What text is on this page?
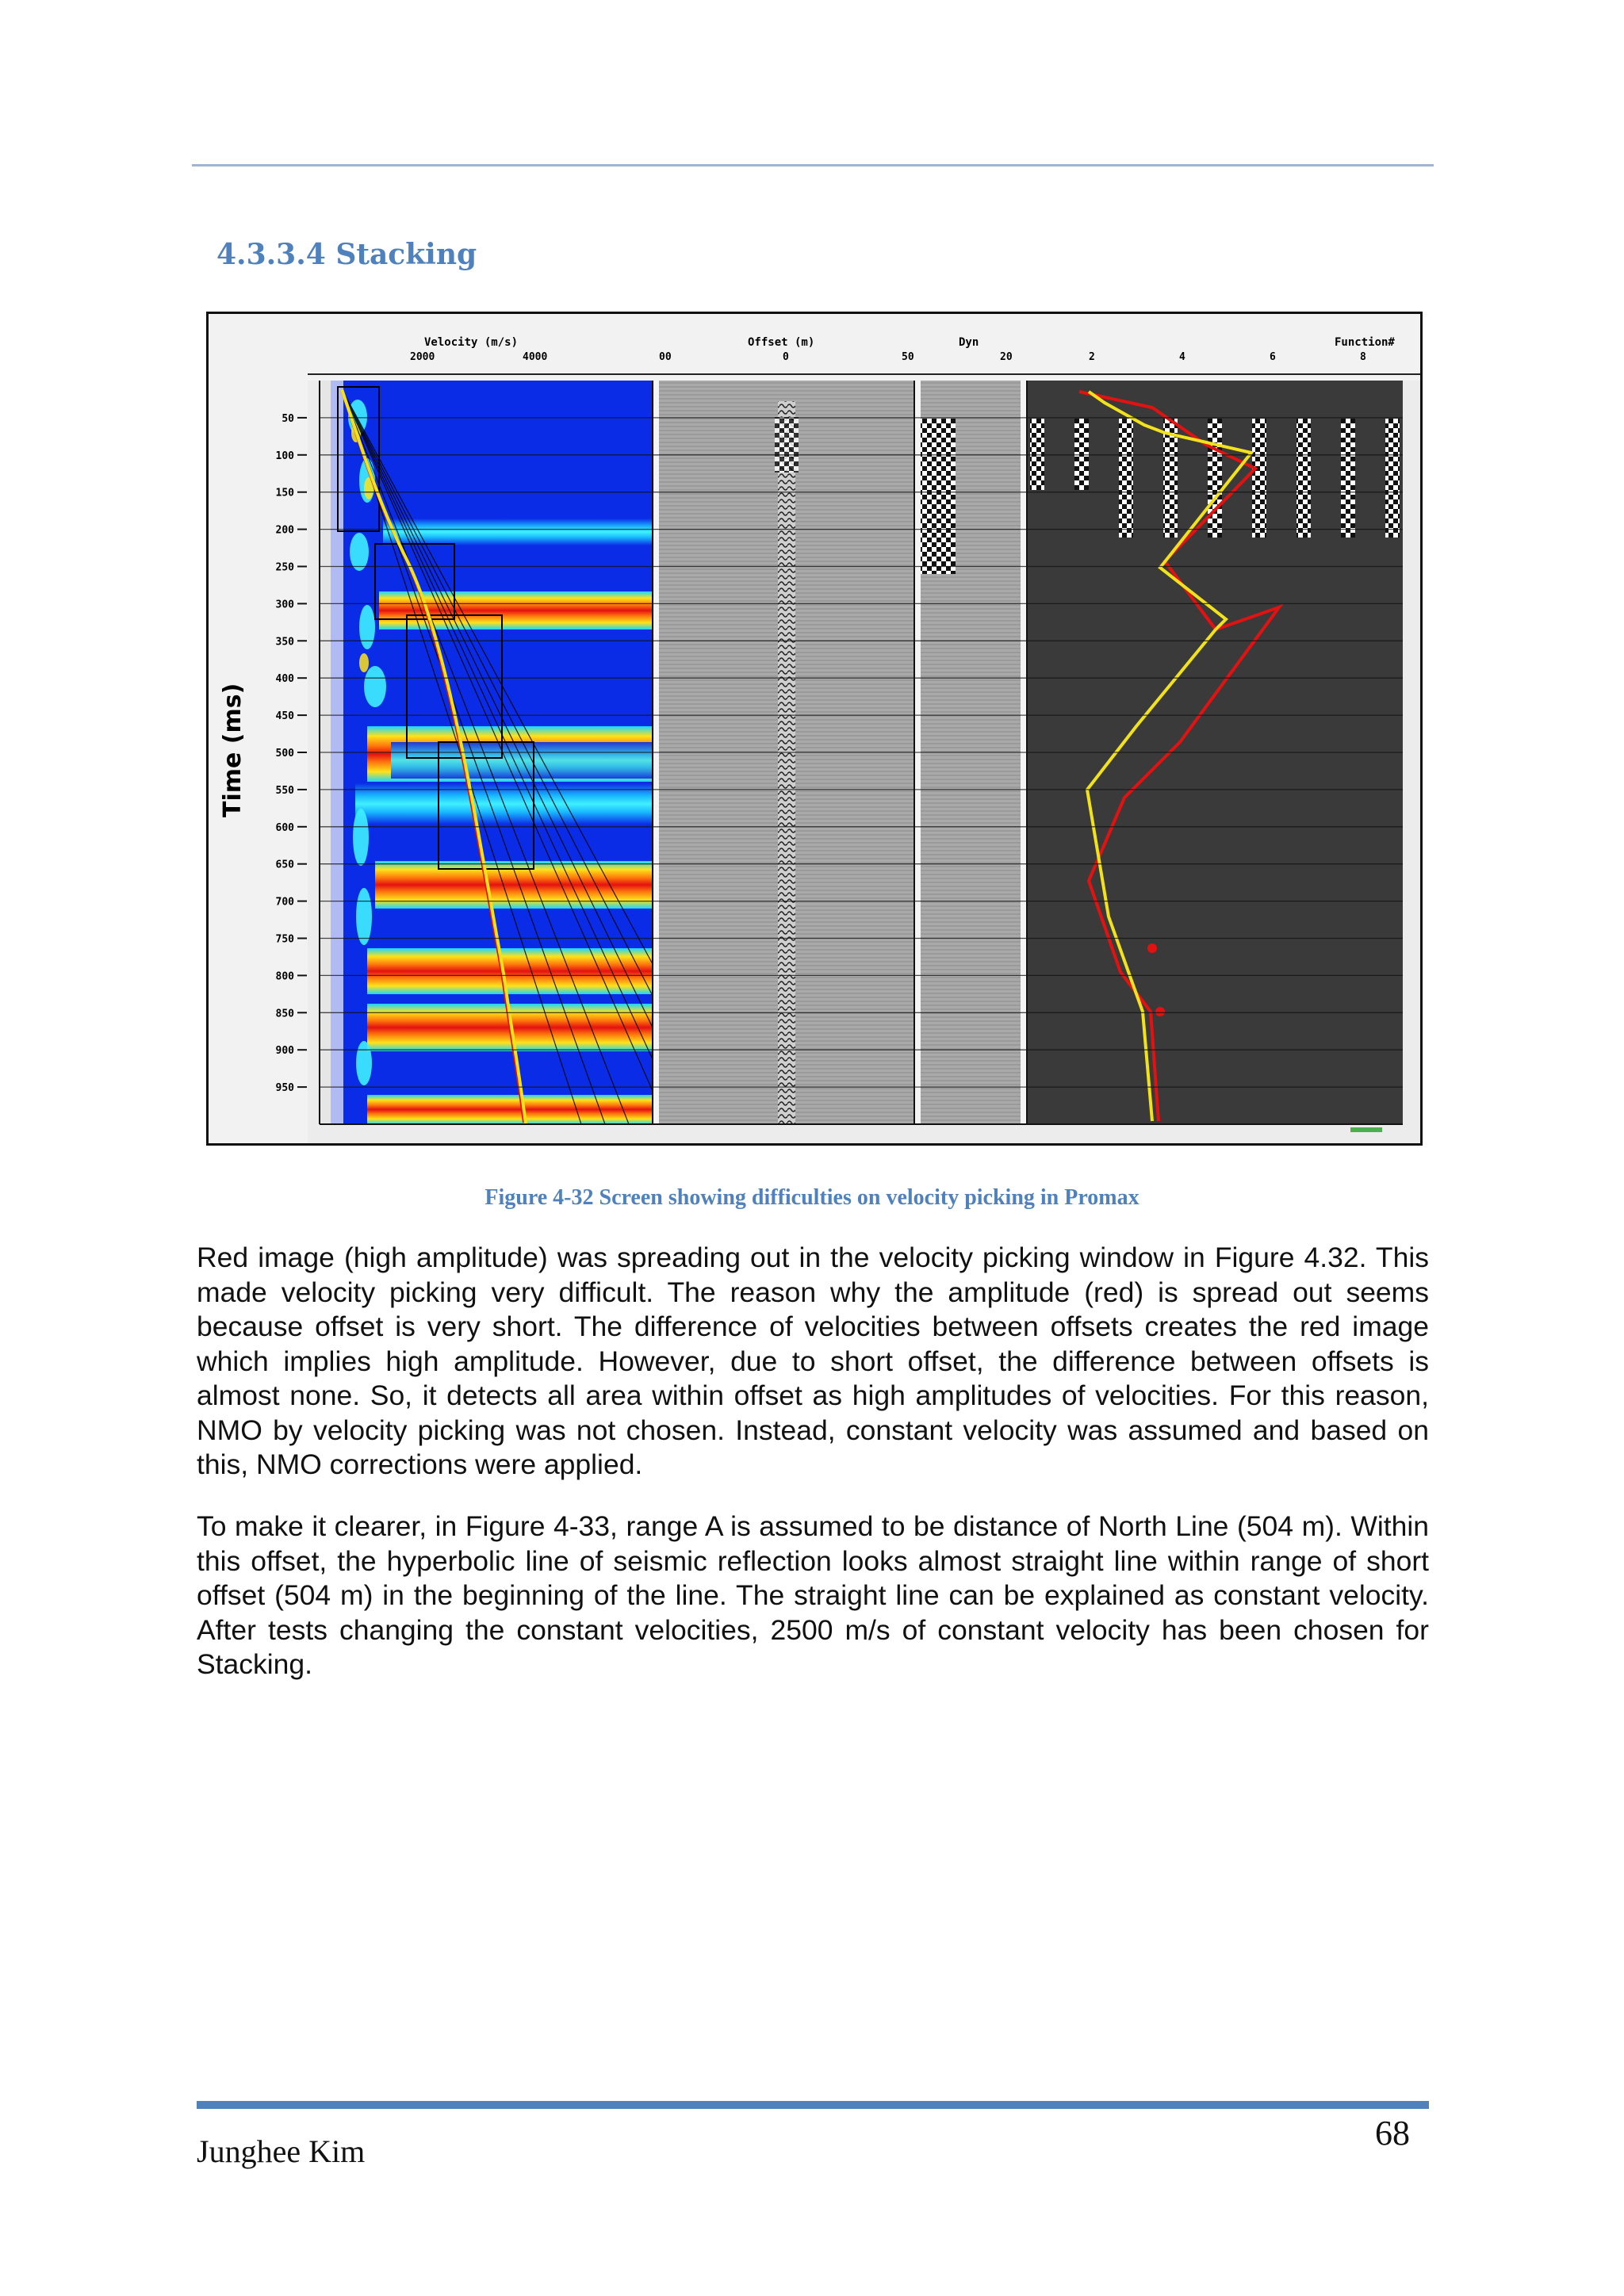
4.3.3.4 Stacking
Velocity (m/s)
2000	4000
Offset (m)
00	0	50
Dyn
20
Function#
2	4	6	8
Time (ms)
50
100
150
200
250
300
350
400
450
500
550
600
650
700
750
800
850
900
950

Figure 4-32 Screen showing difficulties on velocity picking in Promax

Red image (high amplitude) was spreading out in the velocity picking window in Figure 4.32. This made velocity picking very difficult. The reason why the amplitude (red) is spread out seems because offset is very short. The difference of velocities between offsets creates the red image which implies high amplitude. However, due to short offset, the difference between offsets is almost none. So, it detects all area within offset as high amplitudes of velocities. For this reason, NMO by velocity picking was not chosen. Instead, constant velocity was assumed and based on this, NMO corrections were applied.

To make it clearer, in Figure 4-33, range A is assumed to be distance of North Line (504 m). Within this offset, the hyperbolic line of seismic reflection looks almost straight line within range of short offset (504 m) in the beginning of the line. The straight line can be explained as constant velocity. After tests changing the constant velocities, 2500 m/s of constant velocity has been chosen for Stacking.

Junghee Kim	68
